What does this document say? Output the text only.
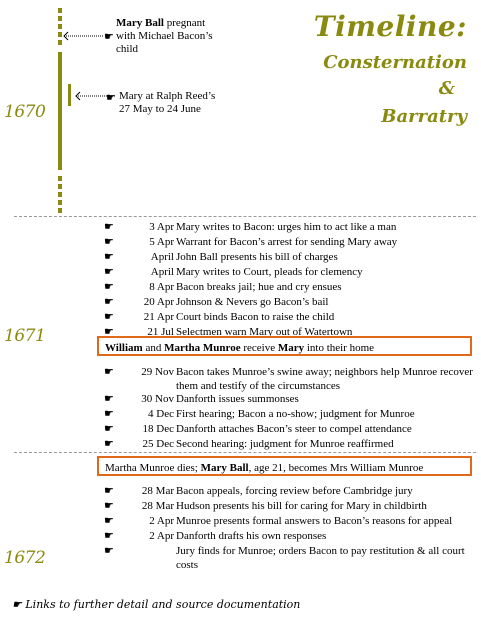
Timeline:
Consternation
&
Barratry
☛
Mary Ball pregnant
with Michael Bacon’s
child
☛ Mary at Ralph Reed’s
27 May to 24 June
1670
☛	3 Apr Mary writes to Bacon: urges him to act like a man
☛	5 Apr Warrant for Bacon’s arrest for sending Mary away
☛	April John Ball presents his bill of charges
☛	April Mary writes to Court, pleads for clemency
☛	8 Apr Bacon breaks jail; hue and cry ensues
☛	20 Apr Johnson & Nevers go Bacon’s bail
☛	21 Apr Court binds Bacon to raise the child
☛	21 Jul Selectmen warn Mary out of Watertown
1671
William and Martha Munroe receive Mary into their home
☛	29 Nov Bacon takes Munroe’s swine away; neighbors help Munroe recover them and testify of the circumstances
☛	30 Nov Danforth issues summonses
☛	4 Dec First hearing; Bacon a no-show; judgment for Munroe
☛	18 Dec Danforth attaches Bacon’s steer to compel attendance
☛	25 Dec Second hearing: judgment for Munroe reaffirmed
Martha Munroe dies; Mary Ball, age 21, becomes Mrs William Munroe
☛	28 Mar Bacon appeals, forcing review before Cambridge jury
☛	28 Mar Hudson presents his bill for caring for Mary in childbirth
☛	2 Apr Munroe presents formal answers to Bacon’s reasons for appeal
☛	2 Apr Danforth drafts his own responses
☛	Jury finds for Munroe; orders Bacon to pay restitution & all court costs
1672
☛ Links to further detail and source documentation
